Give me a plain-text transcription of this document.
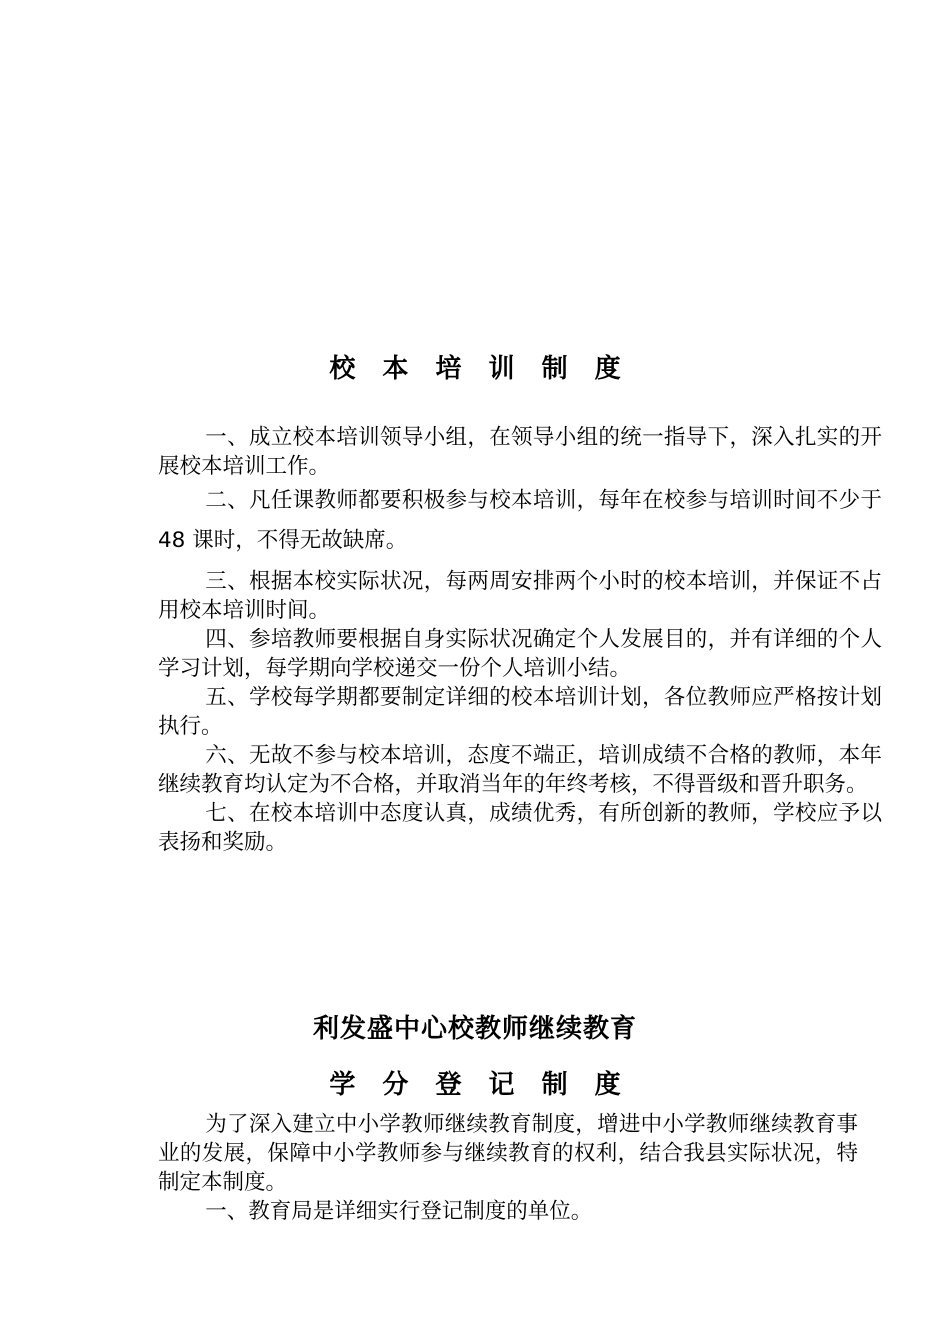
校 本 培 训 制 度

一、成立校本培训领导小组，在领导小组的统一指导下，深入扎实的开展校本培训工作。

二、凡任课教师都要积极参与校本培训，每年在校参与培训时间不少于 48 课时，不得无故缺席。

三、根据本校实际状况，每两周安排两个小时的校本培训，并保证不占用校本培训时间。

四、参培教师要根据自身实际状况确定个人发展目的，并有详细的个人学习计划，每学期向学校递交一份个人培训小结。

五、学校每学期都要制定详细的校本培训计划，各位教师应严格按计划执行。

六、无故不参与校本培训，态度不端正，培训成绩不合格的教师，本年继续教育均认定为不合格，并取消当年的年终考核，不得晋级和晋升职务。

七、在校本培训中态度认真，成绩优秀，有所创新的教师，学校应予以表扬和奖励。

利发盛中心校教师继续教育
学 分 登 记 制 度

为了深入建立中小学教师继续教育制度，增进中小学教师继续教育事业的发展，保障中小学教师参与继续教育的权利，结合我县实际状况，特制定本制度。

一、教育局是详细实行登记制度的单位。
